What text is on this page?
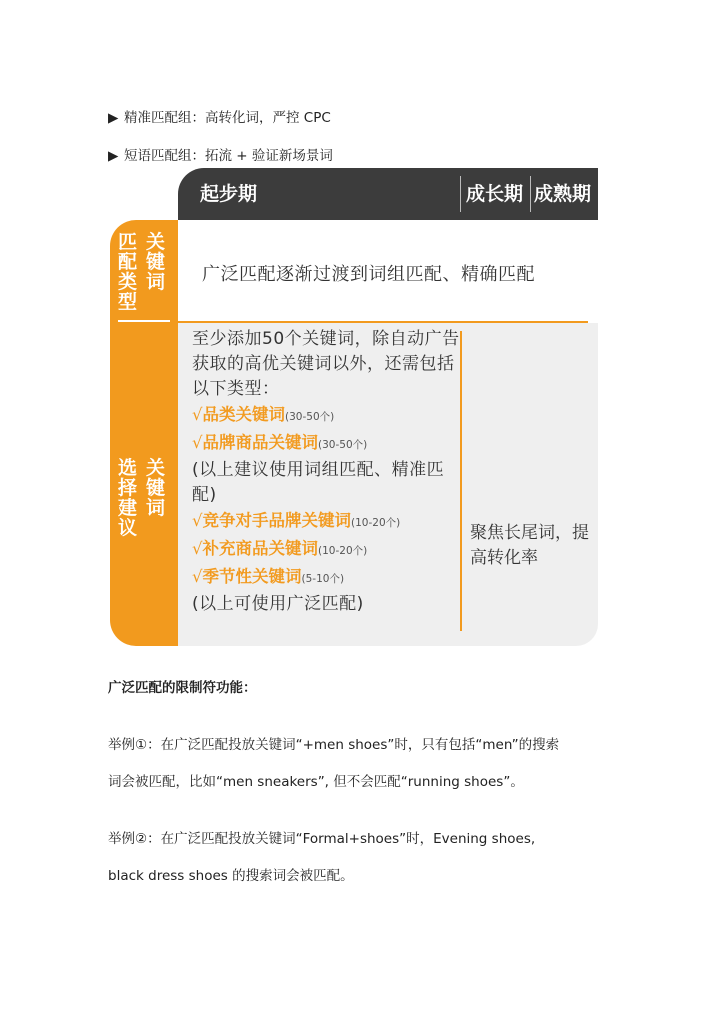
▶ 精准匹配组：高转化词，严控 CPC
▶ 短语匹配组：拓流 + 验证新场景词
起步期	成长期 成熟期
匹配类型
关键词
选择建议
关键词
广泛匹配逐渐过渡到词组匹配、精确匹配
至少添加50个关键词，除自动广告获取的高优关键词以外，还需包括以下类型：
√品类关键词(30-50个)
√品牌商品关键词(30-50个)
(以上建议使用词组匹配、精准匹配)
√竞争对手品牌关键词(10-20个)
√补充商品关键词(10-20个)
√季节性关键词(5-10个)
(以上可使用广泛匹配)
聚焦长尾词，提高转化率
广泛匹配的限制符功能：
举例①：在广泛匹配投放关键词“+men shoes”时，只有包括“men”的搜索
词会被匹配，比如“men sneakers”, 但不会匹配“running shoes”。
举例②：在广泛匹配投放关键词“Formal+shoes”时，Evening shoes,
black dress shoes 的搜索词会被匹配。
